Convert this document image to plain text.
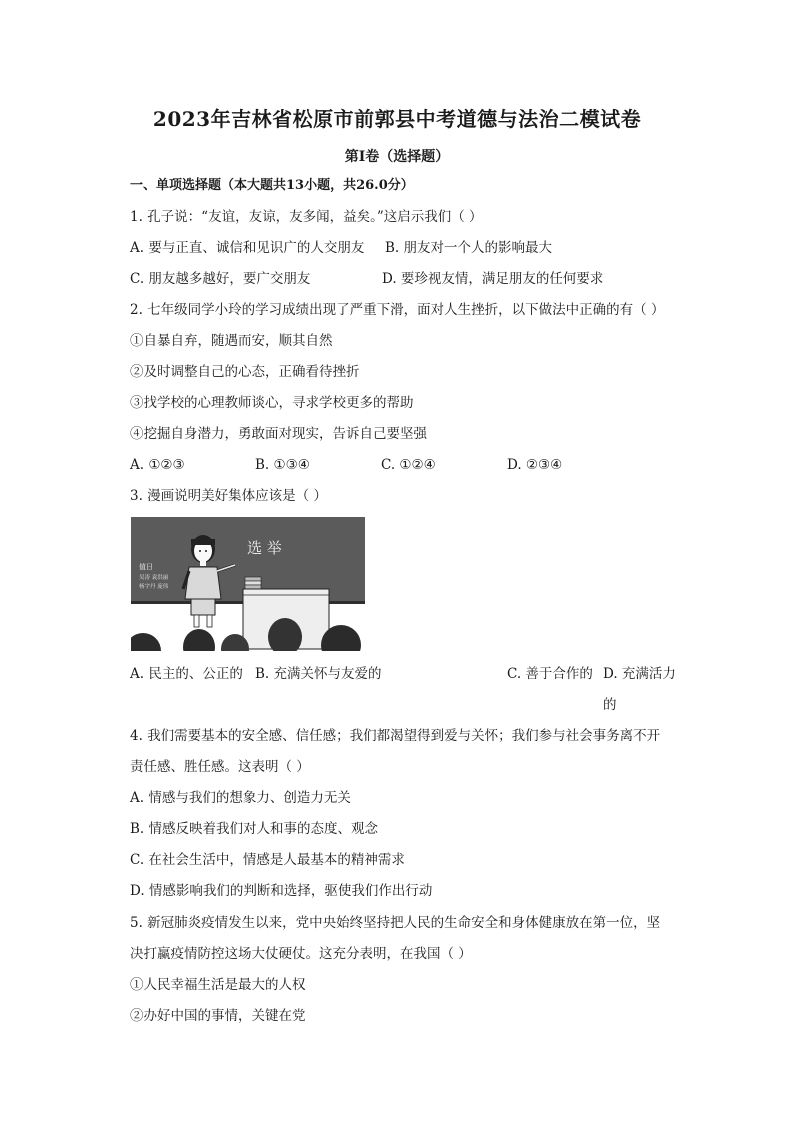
2023年吉林省松原市前郭县中考道德与法治二模试卷
第Ⅰ卷（选择题）
一、单项选择题（本大题共13小题，共26.0分）
1. 孔子说：“友谊，友谅，友多闻，益矣。”这启示我们（ ）
A. 要与正直、诚信和见识广的人交朋友 B. 朋友对一个人的影响最大
C. 朋友越多越好，要广交朋友	D. 要珍视友情，满足朋友的任何要求
2. 七年级同学小玲的学习成绩出现了严重下滑，面对人生挫折，以下做法中正确的有（ ）
①自暴自弃，随遇而安，顺其自然
②及时调整自己的心态，正确看待挫折
③找学校的心理教师谈心，寻求学校更多的帮助
④挖掘自身潜力，勇敢面对现实，告诉自己要坚强
A. ①②③	B. ①③④	C. ①②④	D. ②③④
3. 漫画说明美好集体应该是（ ）
选 举
值日
吴涛 袁洪丽
杨宇丹 庞伟
A. 民主的、公正的 B. 充满关怀与友爱的	C. 善于合作的 D. 充满活力的
4. 我们需要基本的安全感、信任感；我们都渴望得到爱与关怀；我们参与社会事务离不开
责任感、胜任感。这表明（ ）
A. 情感与我们的想象力、创造力无关
B. 情感反映着我们对人和事的态度、观念
C. 在社会生活中，情感是人最基本的精神需求
D. 情感影响我们的判断和选择，驱使我们作出行动
5. 新冠肺炎疫情发生以来，党中央始终坚持把人民的生命安全和身体健康放在第一位，坚
决打赢疫情防控这场大仗硬仗。这充分表明，在我国（ ）
①人民幸福生活是最大的人权
②办好中国的事情，关键在党
